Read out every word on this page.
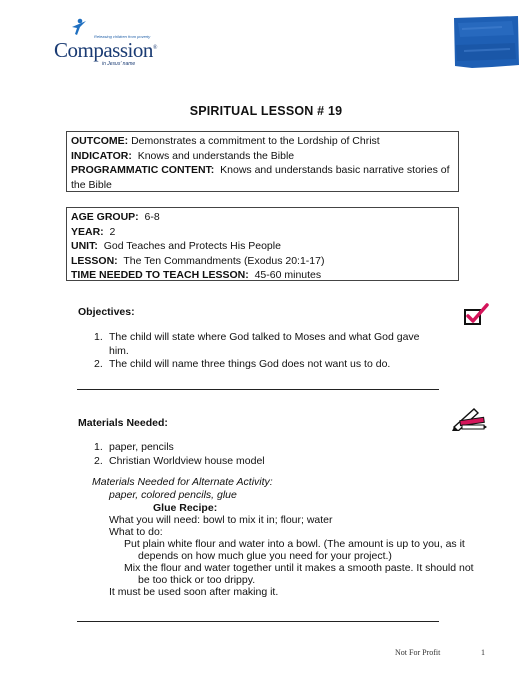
Releasing children from poverty
Compassion®
in Jesus' name
SPIRITUAL LESSON # 19
OUTCOME: Demonstrates a commitment to the Lordship of Christ
INDICATOR: Knows and understands the Bible
PROGRAMMATIC CONTENT: Knows and understands basic narrative stories of
the Bible
AGE GROUP: 6-8
YEAR: 2
UNIT: God Teaches and Protects His People
LESSON: The Ten Commandments (Exodus 20:1-17)
TIME NEEDED TO TEACH LESSON: 45-60 minutes
Objectives:
1. The child will state where God talked to Moses and what God gave
him.
2. The child will name three things God does not want us to do.
Materials Needed:
1. paper, pencils
2. Christian Worldview house model
Materials Needed for Alternate Activity:
paper, colored pencils, glue
Glue Recipe:
What you will need: bowl to mix it in; flour; water
What to do:
Put plain white flour and water into a bowl. (The amount is up to you, as it
depends on how much glue you need for your project.)
Mix the flour and water together until it makes a smooth paste. It should not
be too thick or too drippy.
It must be used soon after making it.
Not For Profit	1
